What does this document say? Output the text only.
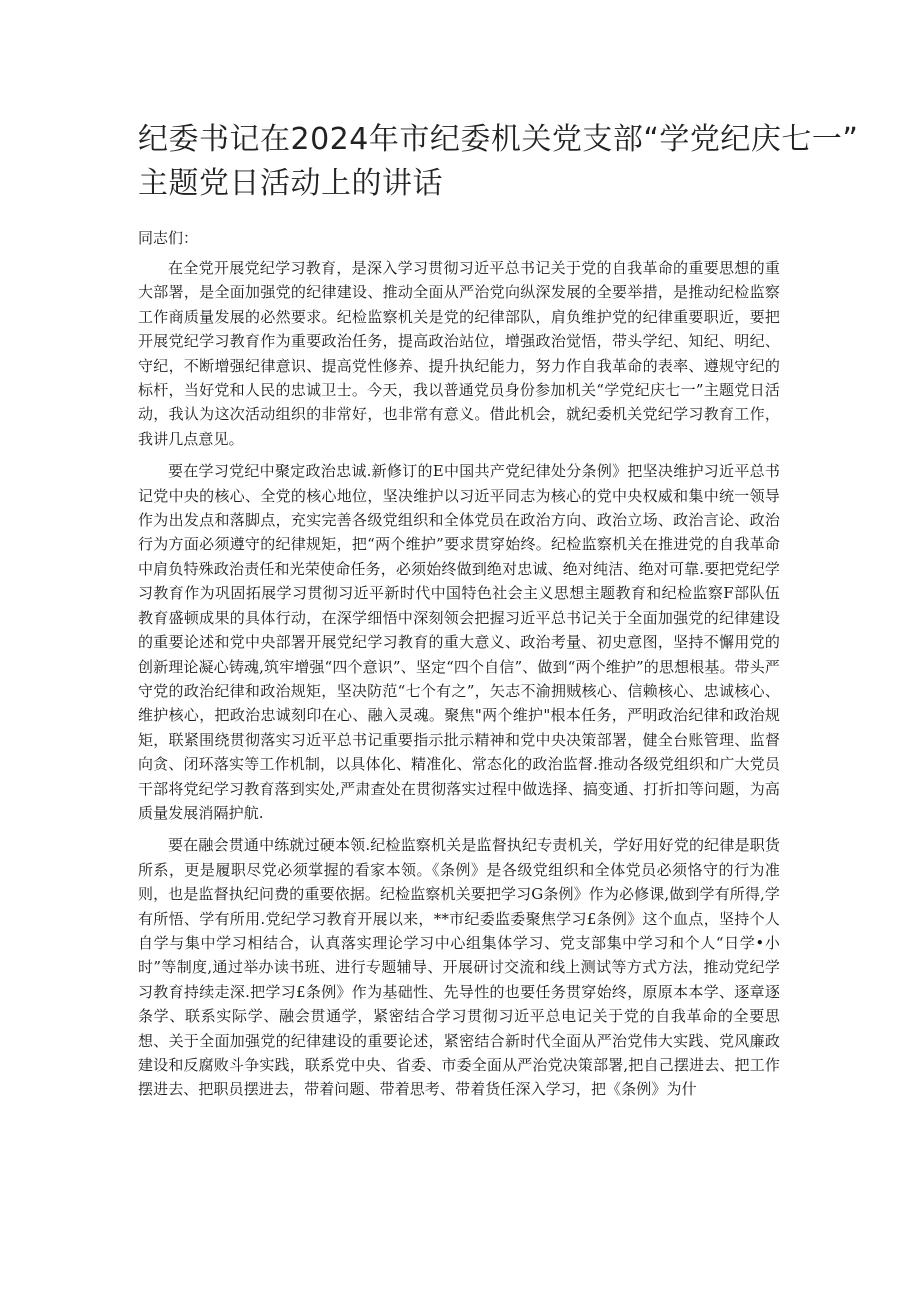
纪委书记在2024年市纪委机关党支部“学党纪庆七一”
主题党日活动上的讲话

同志们：

在全党开展党纪学习教育，是深入学习贯彻习近平总书记关于党的自我革命的重要思想的重大部署，是全面加强党的纪律建设、推动全面从严治党向纵深发展的全要举措，是推动纪检监察工作商质量发展的必然要求。纪检监察机关是党的纪律部队，肩负维护党的纪律重要职近，要把开展党纪学习教育作为重要政治任务，提高政治站位，增强政治觉悟，带头学纪、知纪、明纪、守纪，不断增强纪律意识、提高党性修养、提升执纪能力，努力作自我革命的表率、遵规守纪的标杆，当好党和人民的忠诚卫士。今天，我以普通党员身份参加机关“学党纪庆七一”主题党日活动，我认为这次活动组织的非常好，也非常有意义。借此机会，就纪委机关党纪学习教育工作，我讲几点意见。

要在学习党纪中聚定政治忠诚.新修订的E中国共产党纪律处分条例》把坚决维护习近平总书记党中央的核心、全党的核心地位，坚决维护以习近平同志为核心的党中央权威和集中统一领导作为出发点和落脚点，充实完善各级党组织和全体党员在政治方向、政治立场、政治言论、政治行为方面必须遵守的纪律规矩，把“两个维护”要求贯穿始终。纪检监察机关在推进党的自我革命中肩负特殊政治责任和光荣使命任务，必须始终做到绝对忠诚、绝对纯洁、绝对可靠.要把党纪学习教育作为巩固拓展学习贯彻习近平新时代中国特色社会主义思想主题教育和纪检监察F部队伍教育盛顿成果的具体行动，在深学细悟中深刻领会把握习近平总书记关于全面加强党的纪律建设的重要论述和党中央部署开展党纪学习教育的重大意义、政治考量、初史意图，坚持不懈用党的创新理论凝心铸魂,筑牢增强“四个意识”、坚定“四个自信”、做到“两个维护”的思想根基。带头严守党的政治纪律和政治规矩，坚决防范“七个有之”，矢志不渝拥贼核心、信赖核心、忠诚核心、维护核心，把政治忠诚刻印在心、融入灵魂。聚焦"两个维护"根本任务，严明政治纪律和政治规矩，联紧围绕贯彻落实习近平总书记重要指示批示精神和党中央决策部署，健全台账管理、监督向贪、闭环落实等工作机制，以具体化、精准化、常态化的政治监督.推动各级党组织和广大党员干部将党纪学习教育落到实处,严肃查处在贯彻落实过程中做选择、搞变通、打折扣等问题，为高质量发展消隔护航.

要在融会贯通中练就过硬本领.纪检监察机关是监督执纪专责机关，学好用好党的纪律是职货所系，更是履职尽党必须掌握的看家本领。《条例》是各级党组织和全体党员必须恪守的行为准则，也是监督执纪问费的重要依据。纪检监察机关要把学习G条例》作为必修课,做到学有所得,学有所悟、学有所用.党纪学习教育开展以来，**市纪委监委聚焦学习£条例》这个血点，坚持个人自学与集中学习相结合，认真落实理论学习中心组集体学习、党支部集中学习和个人“日学•小时”等制度,通过举办读书班、进行专题辅导、开展研讨交流和线上测试等方式方法，推动党纪学习教育持续走深.把学习£条例》作为基础性、先导性的也要任务贯穿始终，原原本本学、逐章逐条学、联系实际学、融会贯通学，紧密结合学习贯彻习近平总电记关于党的自我革命的全要思想、关于全面加强党的纪律建设的重要论述，紧密结合新时代全面从严治党伟大实践、党风廉政建设和反腐败斗争实践，联系党中央、省委、市委全面从严治党决策部署,把自己摆进去、把工作摆进去、把职员摆进去，带着问题、带着思考、带着货任深入学习，把《条例》为什
